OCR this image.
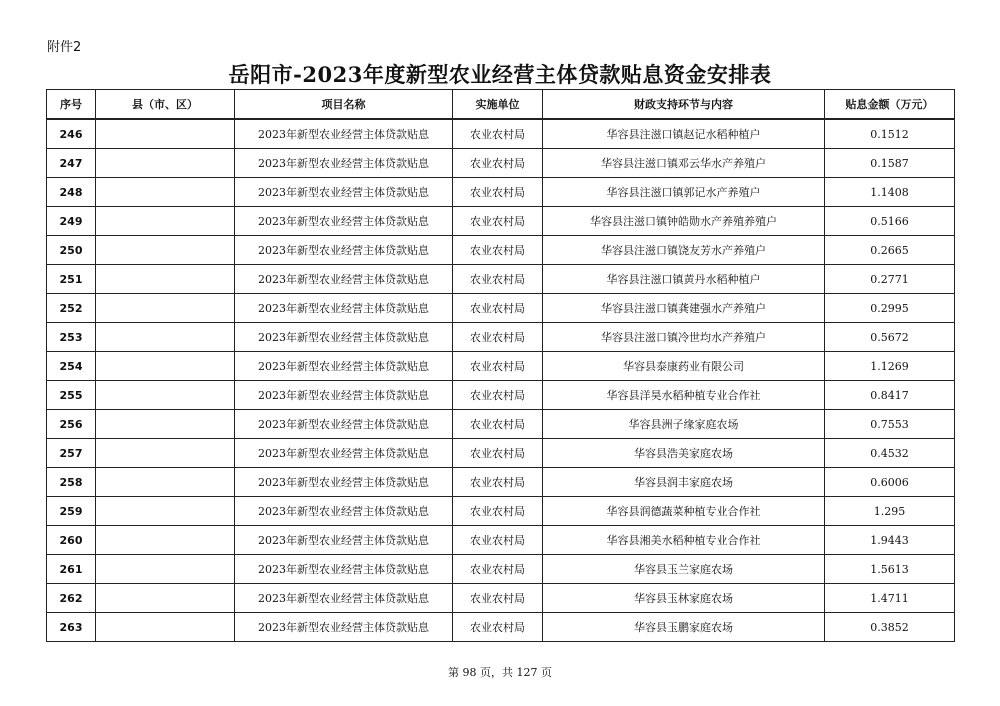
附件2
岳阳市-2023年度新型农业经营主体贷款贴息资金安排表
序号	县（市、区）	项目名称	实施单位	财政支持环节与内容	贴息金额（万元）
246		2023年新型农业经营主体贷款贴息	农业农村局	华容县注滋口镇赵记水稻种植户	0.1512
247		2023年新型农业经营主体贷款贴息	农业农村局	华容县注滋口镇邓云华水产养殖户	0.1587
248		2023年新型农业经营主体贷款贴息	农业农村局	华容县注滋口镇郭记水产养殖户	1.1408
249		2023年新型农业经营主体贷款贴息	农业农村局	华容县注滋口镇钟皓勋水产养殖养殖户	0.5166
250		2023年新型农业经营主体贷款贴息	农业农村局	华容县注滋口镇饶友芳水产养殖户	0.2665
251		2023年新型农业经营主体贷款贴息	农业农村局	华容县注滋口镇黄丹水稻种植户	0.2771
252		2023年新型农业经营主体贷款贴息	农业农村局	华容县注滋口镇龚建强水产养殖户	0.2995
253		2023年新型农业经营主体贷款贴息	农业农村局	华容县注滋口镇冷世均水产养殖户	0.5672
254		2023年新型农业经营主体贷款贴息	农业农村局	华容县泰康药业有限公司	1.1269
255		2023年新型农业经营主体贷款贴息	农业农村局	华容县洋昊水稻种植专业合作社	0.8417
256		2023年新型农业经营主体贷款贴息	农业农村局	华容县洲子缘家庭农场	0.7553
257		2023年新型农业经营主体贷款贴息	农业农村局	华容县浩美家庭农场	0.4532
258		2023年新型农业经营主体贷款贴息	农业农村局	华容县润丰家庭农场	0.6006
259		2023年新型农业经营主体贷款贴息	农业农村局	华容县润德蔬菜种植专业合作社	1.295
260		2023年新型农业经营主体贷款贴息	农业农村局	华容县湘美水稻种植专业合作社	1.9443
261		2023年新型农业经营主体贷款贴息	农业农村局	华容县玉兰家庭农场	1.5613
262		2023年新型农业经营主体贷款贴息	农业农村局	华容县玉林家庭农场	1.4711
263		2023年新型农业经营主体贷款贴息	农业农村局	华容县玉鹏家庭农场	0.3852
第 98 页，共 127 页
